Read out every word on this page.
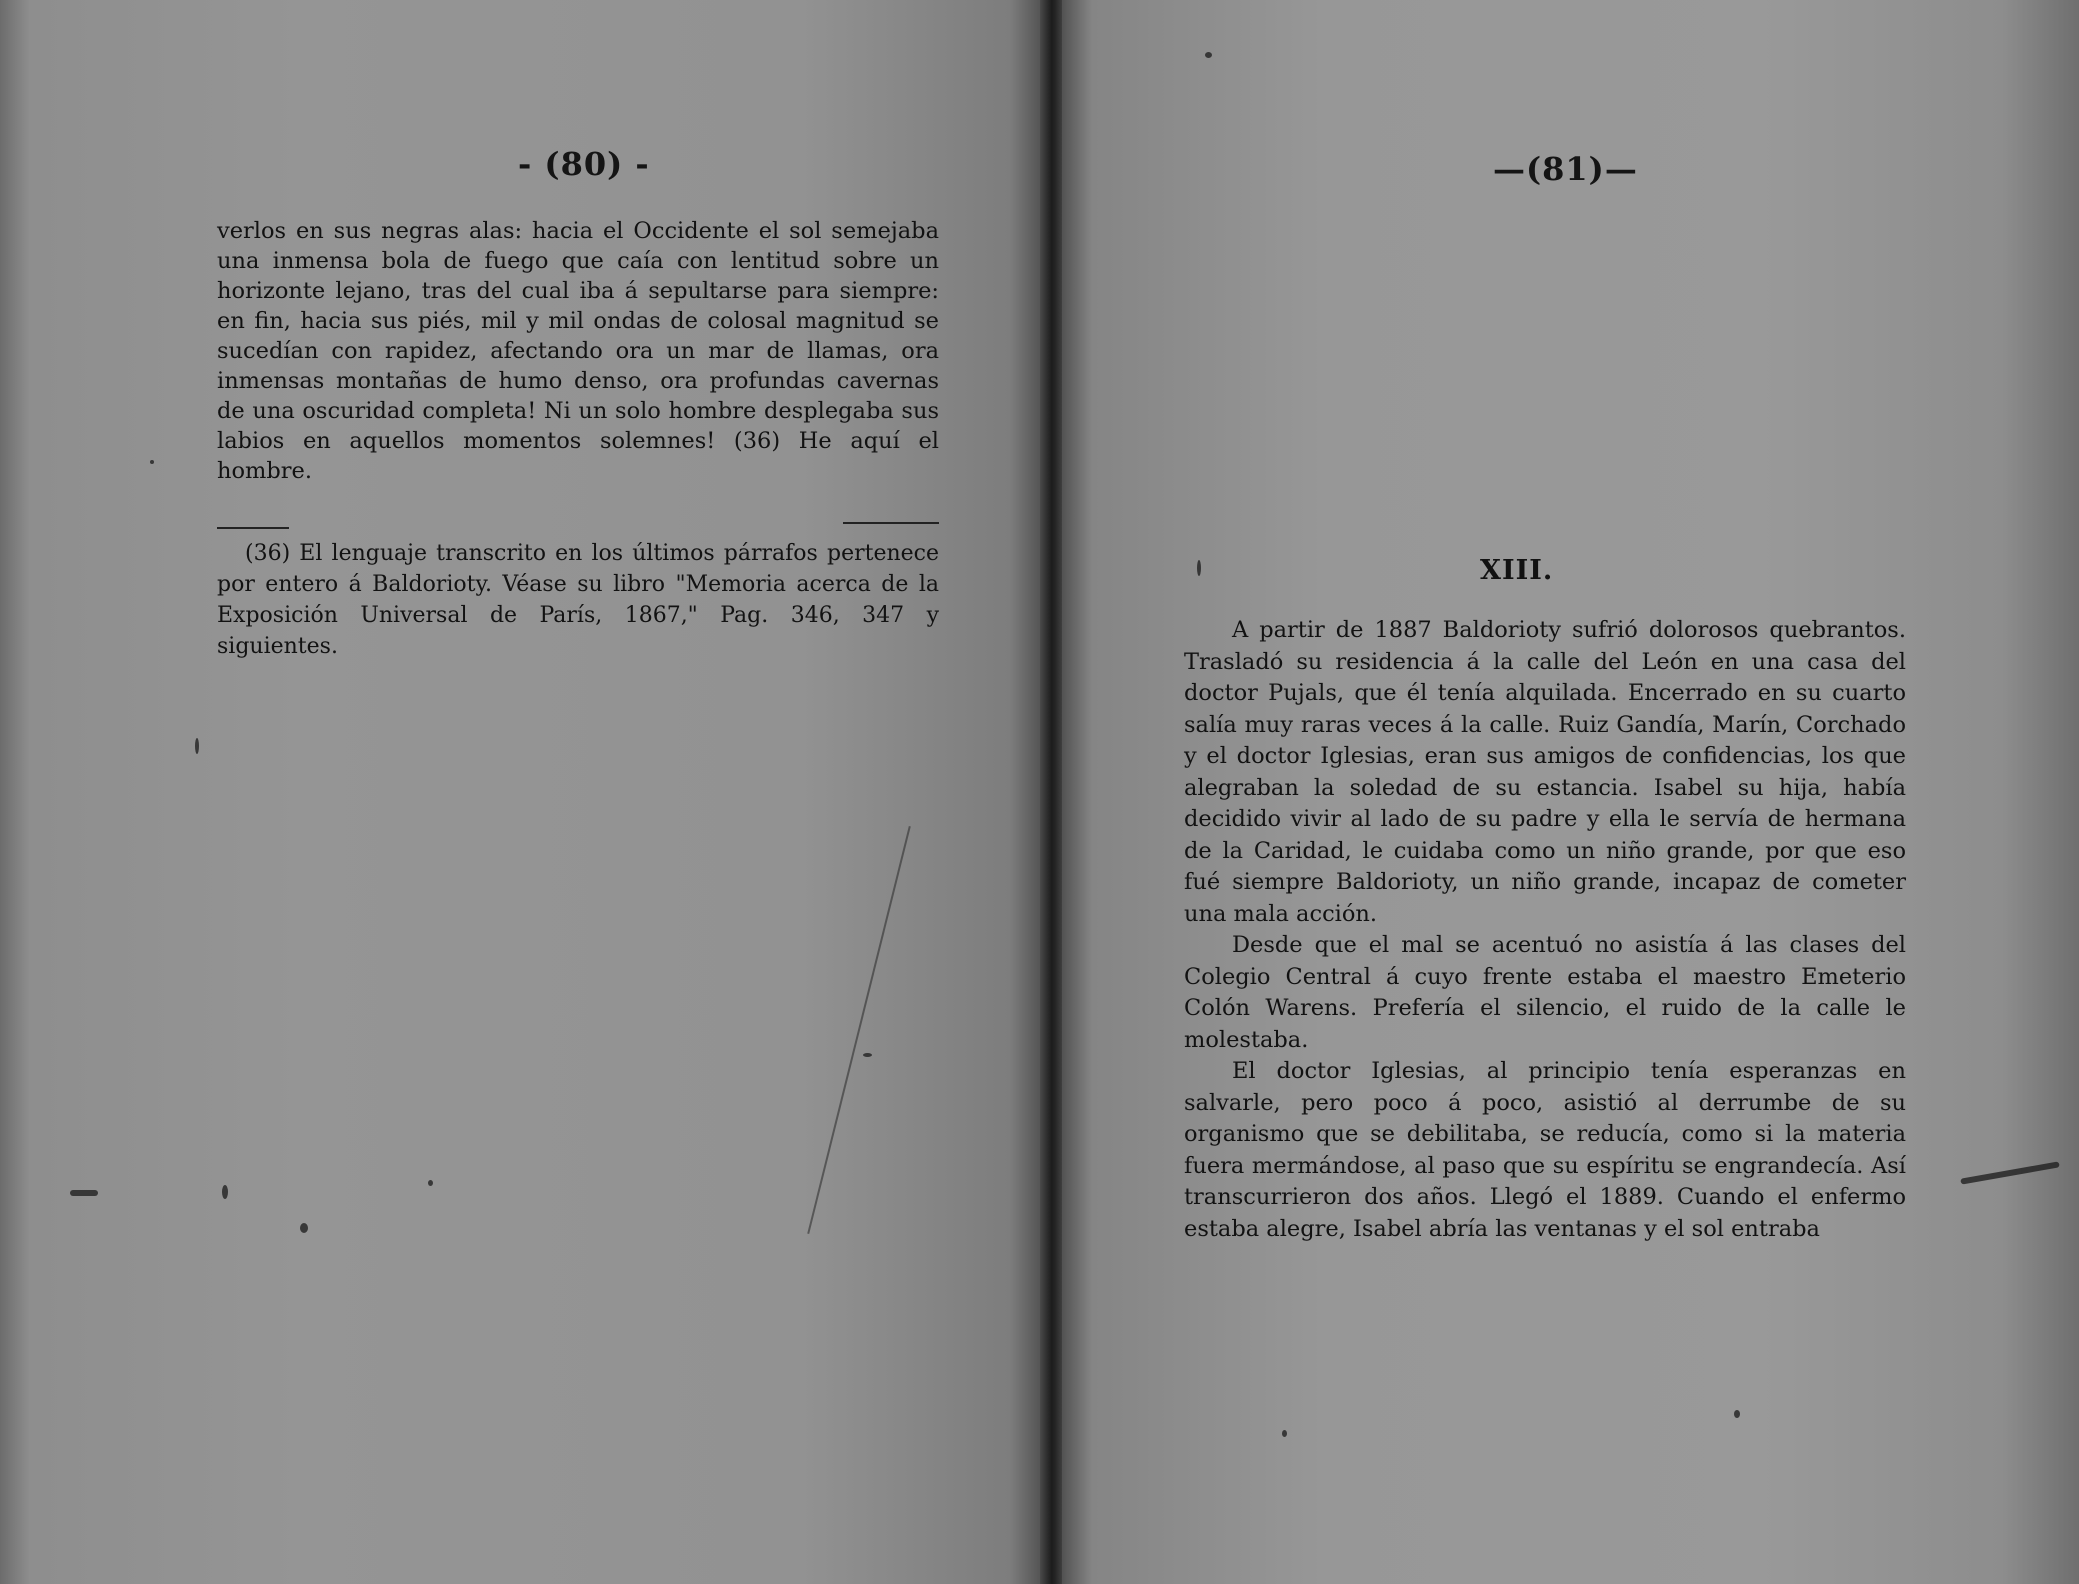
- (80) -

verlos en sus negras alas: hacia el Occidente el sol semejaba una inmensa bola de fuego que caía con lentitud sobre un horizonte lejano, tras del cual iba á sepultarse para siempre: en fin, hacia sus piés, mil y mil ondas de colosal magnitud se sucedían con rapidez, afectando ora un mar de llamas, ora inmensas montañas de humo denso, ora profundas cavernas de una oscuridad completa! Ni un solo hombre desplegaba sus labios en aquellos momentos solemnes! (36) He aquí el hombre.

(36) El lenguaje transcrito en los últimos párrafos pertenece por entero á Baldorioty. Véase su libro "Memoria acerca de la Exposición Universal de París, 1867," Pag. 346, 347 y siguientes.

—(81)—
XIII.

A partir de 1887 Baldorioty sufrió dolorosos quebrantos. Trasladó su residencia á la calle del León en una casa del doctor Pujals, que él tenía alquilada. Encerrado en su cuarto salía muy raras veces á la calle. Ruiz Gandía, Marín, Corchado y el doctor Iglesias, eran sus amigos de confidencias, los que alegraban la soledad de su estancia. Isabel su hija, había decidido vivir al lado de su padre y ella le servía de hermana de la Caridad, le cuidaba como un niño grande, por que eso fué siempre Baldorioty, un niño grande, incapaz de cometer una mala acción.

Desde que el mal se acentuó no asistía á las clases del Colegio Central á cuyo frente estaba el maestro Emeterio Colón Warens. Prefería el silencio, el ruido de la calle le molestaba.

El doctor Iglesias, al principio tenía esperanzas en salvarle, pero poco á poco, asistió al derrumbe de su organismo que se debilitaba, se reducía, como si la materia fuera mermándose, al paso que su espíritu se engrandecía. Así transcurrieron dos años. Llegó el 1889. Cuando el enfermo estaba alegre, Isabel abría las ventanas y el sol entraba
